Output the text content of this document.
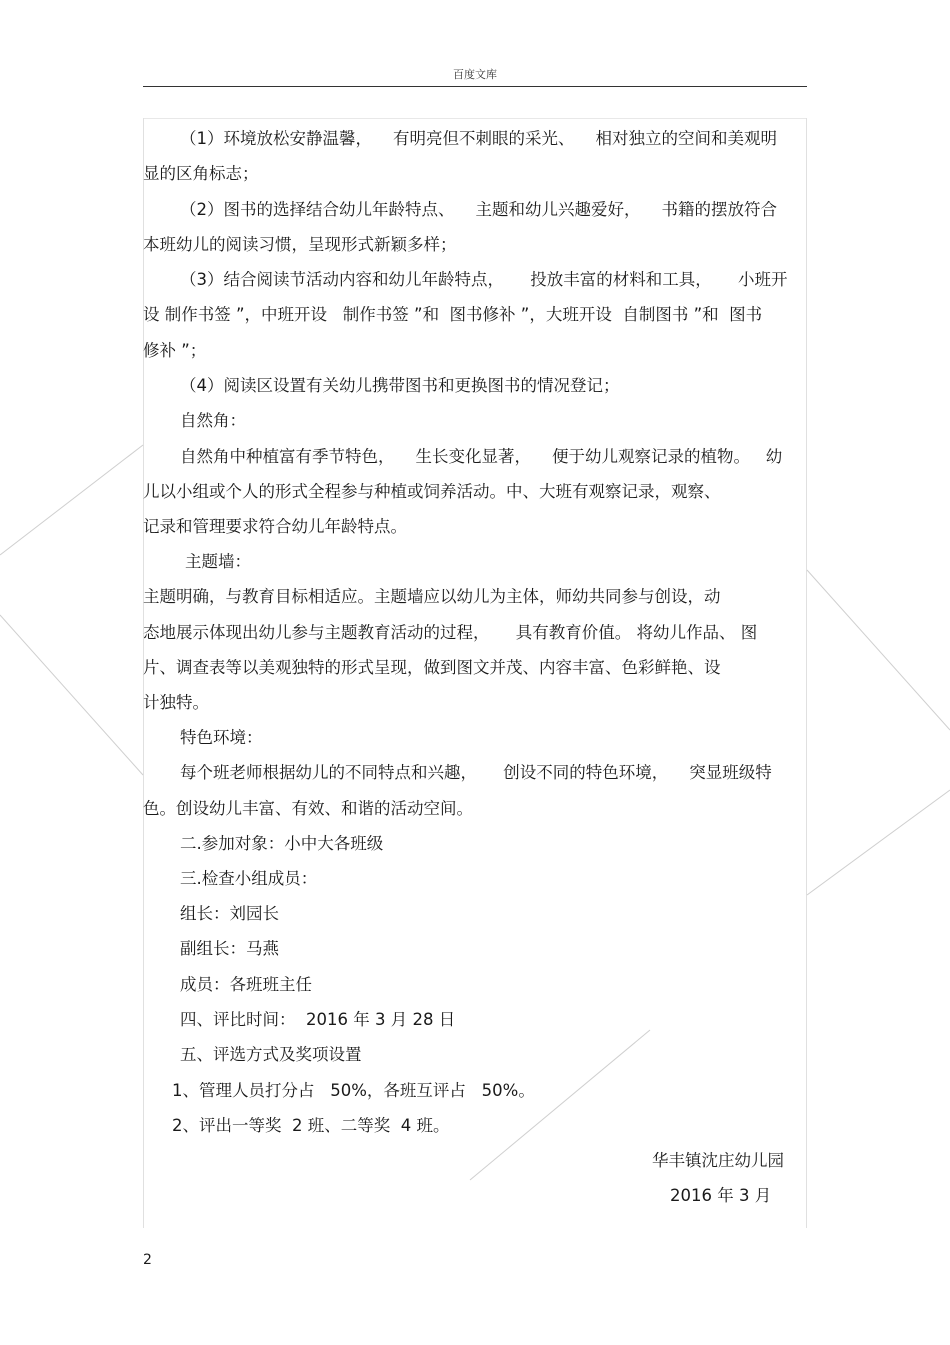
百度文库
（1）环境放松安静温馨，    有明亮但不刺眼的采光、    相对独立的空间和美观明
显的区角标志；
（2）图书的选择结合幼儿年龄特点、    主题和幼儿兴趣爱好，    书籍的摆放符合
本班幼儿的阅读习惯，呈现形式新颖多样；
（3）结合阅读节活动内容和幼儿年龄特点，     投放丰富的材料和工具，     小班开
设 制作书签 ”，中班开设   制作书签 ”和  图书修补 ”，大班开设  自制图书 ”和  图书
修补 ”；
（4）阅读区设置有关幼儿携带图书和更换图书的情况登记；
自然角：
自然角中种植富有季节特色，    生长变化显著，    便于幼儿观察记录的植物。   幼
儿以小组或个人的形式全程参与种植或饲养活动。中、大班有观察记录，观察、
记录和管理要求符合幼儿年龄特点。
主题墙：
主题明确，与教育目标相适应。主题墙应以幼儿为主体，师幼共同参与创设，动
态地展示体现出幼儿参与主题教育活动的过程，     具有教育价值。 将幼儿作品、 图
片、调查表等以美观独特的形式呈现，做到图文并茂、内容丰富、色彩鲜艳、设
计独特。
特色环境：
每个班老师根据幼儿的不同特点和兴趣，     创设不同的特色环境，    突显班级特
色。创设幼儿丰富、有效、和谐的活动空间。
二.参加对象：小中大各班级
三.检查小组成员：
组长：刘园长
副组长：马燕
成员：各班班主任
四、评比时间：  2016 年 3 月 28 日
五、评选方式及奖项设置
1、管理人员打分占   50%，各班互评占   50%。
2、评出一等奖  2 班、二等奖  4 班。
华丰镇沈庄幼儿园
2016 年 3 月
2
